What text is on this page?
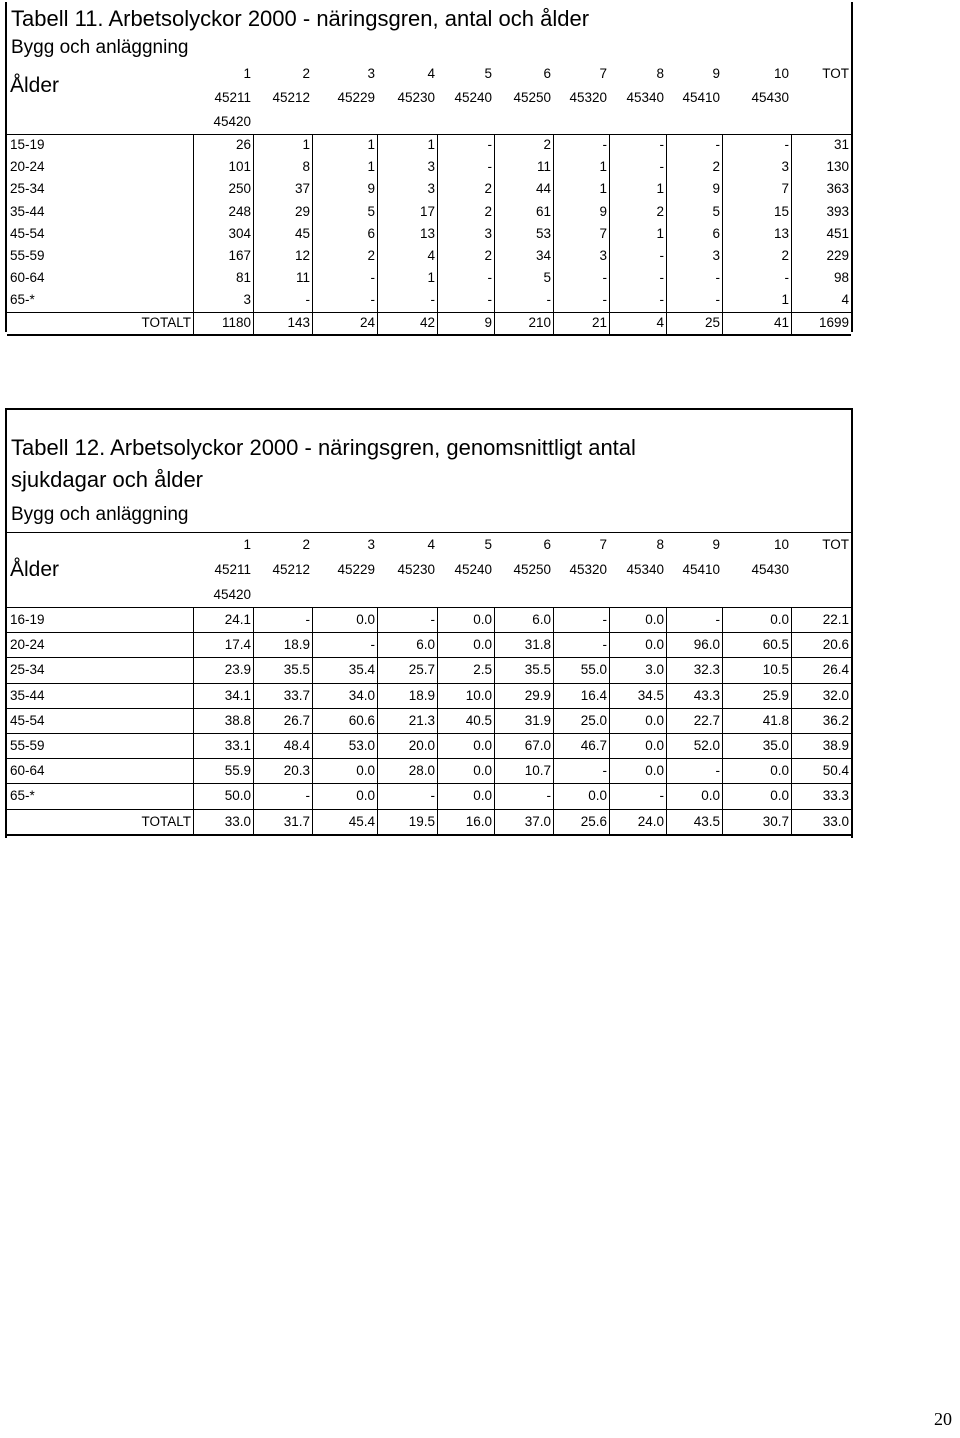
Tabell 11. Arbetsolyckor 2000 - näringsgren, antal och ålder
Bygg och anläggning
1	2	3	4	5	6	7	8	9	10	TOT
Ålder
45211	45212	45229	45230	45240	45250	45320	45340	45410	45430
45420
15-19	26	1	1	1	-	2	-	-	-	-	31
20-24	101	8	1	3	-	11	1	-	2	3	130
25-34	250	37	9	3	2	44	1	1	9	7	363
35-44	248	29	5	17	2	61	9	2	5	15	393
45-54	304	45	6	13	3	53	7	1	6	13	451
55-59	167	12	2	4	2	34	3	-	3	2	229
60-64	81	11	-	1	-	5	-	-	-	-	98
65-*	3	-	-	-	-	-	-	-	-	1	4
TOTALT	1180	143	24	42	9	210	21	4	25	41	1699
Tabell 12. Arbetsolyckor 2000 - näringsgren, genomsnittligt antal
sjukdagar och ålder
Bygg och anläggning
1	2	3	4	5	6	7	8	9	10	TOT
Ålder	45211	45212	45229	45230	45240	45250	45320	45340	45410	45430
45420
16-19	24.1	-	0.0	-	0.0	6.0	-	0.0	-	0.0	22.1
20-24	17.4	18.9	-	6.0	0.0	31.8	-	0.0	96.0	60.5	20.6
25-34	23.9	35.5	35.4	25.7	2.5	35.5	55.0	3.0	32.3	10.5	26.4
35-44	34.1	33.7	34.0	18.9	10.0	29.9	16.4	34.5	43.3	25.9	32.0
45-54	38.8	26.7	60.6	21.3	40.5	31.9	25.0	0.0	22.7	41.8	36.2
55-59	33.1	48.4	53.0	20.0	0.0	67.0	46.7	0.0	52.0	35.0	38.9
60-64	55.9	20.3	0.0	28.0	0.0	10.7	-	0.0	-	0.0	50.4
65-*	50.0	-	0.0	-	0.0	-	0.0	-	0.0	0.0	33.3
TOTALT	33.0	31.7	45.4	19.5	16.0	37.0	25.6	24.0	43.5	30.7	33.0
20
